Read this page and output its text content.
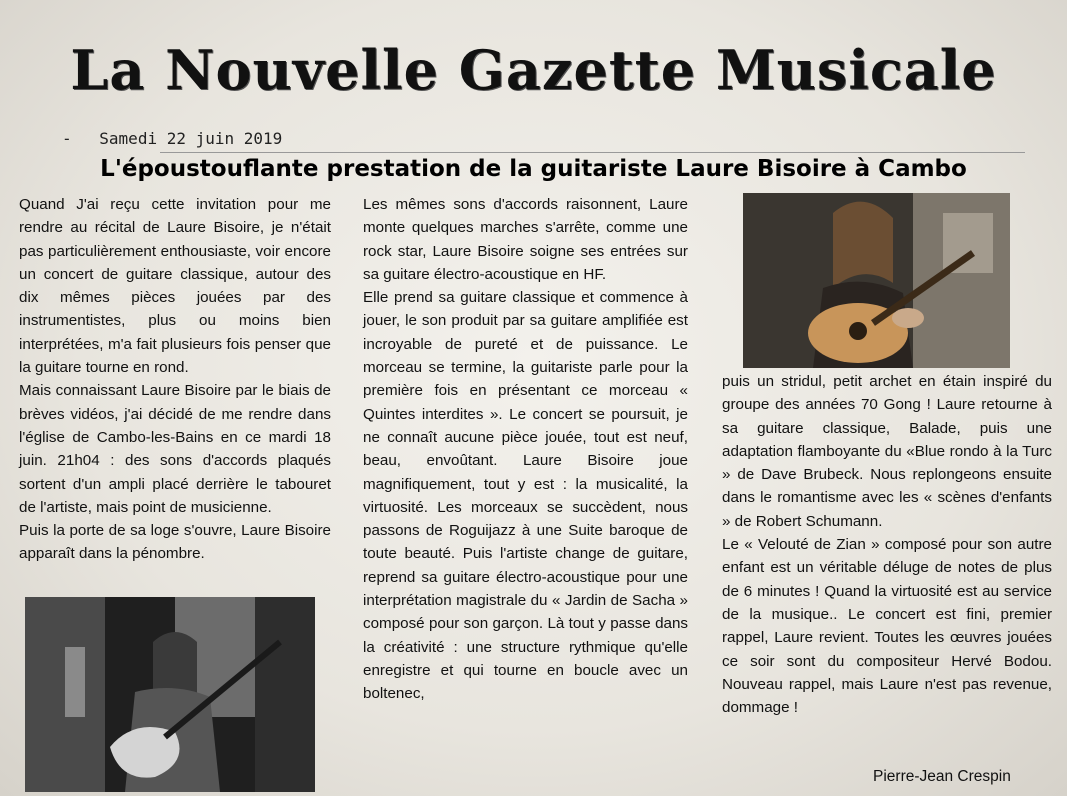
La Nouvelle Gazette Musicale
- Samedi 22 juin 2019
L'époustouflante prestation de la guitariste Laure Bisoire à Cambo

Quand J'ai reçu cette invitation pour me rendre au récital de Laure Bisoire, je n'était pas particulièrement enthousiaste, voir encore un concert de guitare classique, autour des dix mêmes pièces jouées par des instrumentistes, plus ou moins bien interprétées, m'a fait plusieurs fois penser que la guitare tourne en rond.

Mais connaissant Laure Bisoire par le biais de brèves vidéos, j'ai décidé de me rendre dans l'église de Cambo-les-Bains en ce mardi 18 juin. 21h04 : des sons d'accords plaqués sortent d'un ampli placé derrière le tabouret de l'artiste, mais point de musicienne.

Puis la porte de sa loge s'ouvre, Laure Bisoire apparaît dans la pénombre.

Les mêmes sons d'accords raisonnent, Laure monte quelques marches s'arrête, comme une rock star, Laure Bisoire soigne ses entrées sur sa guitare électro-acoustique en HF.

Elle prend sa guitare classique et commence à jouer, le son produit par sa guitare amplifiée est incroyable de pureté et de puissance. Le morceau se termine, la guitariste parle pour la première fois en présentant ce morceau « Quintes interdites ». Le concert se poursuit, je ne connaît aucune pièce jouée, tout est neuf, beau, envoûtant. Laure Bisoire joue magnifiquement, tout y est : la musicalité, la virtuosité. Les morceaux se succèdent, nous passons de Roguijazz à une Suite baroque de toute beauté. Puis l'artiste change de guitare, reprend sa guitare électro-acoustique pour une interprétation magistrale du « Jardin de Sacha » composé pour son garçon. Là tout y passe dans la créativité : une structure rythmique qu'elle enregistre et qui tourne en boucle avec un boltenec,

puis un stridul, petit archet en étain inspiré du groupe des années 70 Gong ! Laure retourne à sa guitare classique, Balade, puis une adaptation flamboyante du «Blue rondo à la Turc » de Dave Brubeck. Nous replongeons ensuite dans le romantisme avec les « scènes d'enfants » de Robert Schumann.

Le « Velouté de Zian » composé pour son autre enfant est un véritable déluge de notes de plus de 6 minutes ! Quand la virtuosité est au service de la musique.. Le concert est fini, premier rappel, Laure revient. Toutes les œuvres jouées ce soir sont du compositeur Hervé Bodou. Nouveau rappel, mais Laure n'est pas revenue, dommage !

Pierre-Jean Crespin
